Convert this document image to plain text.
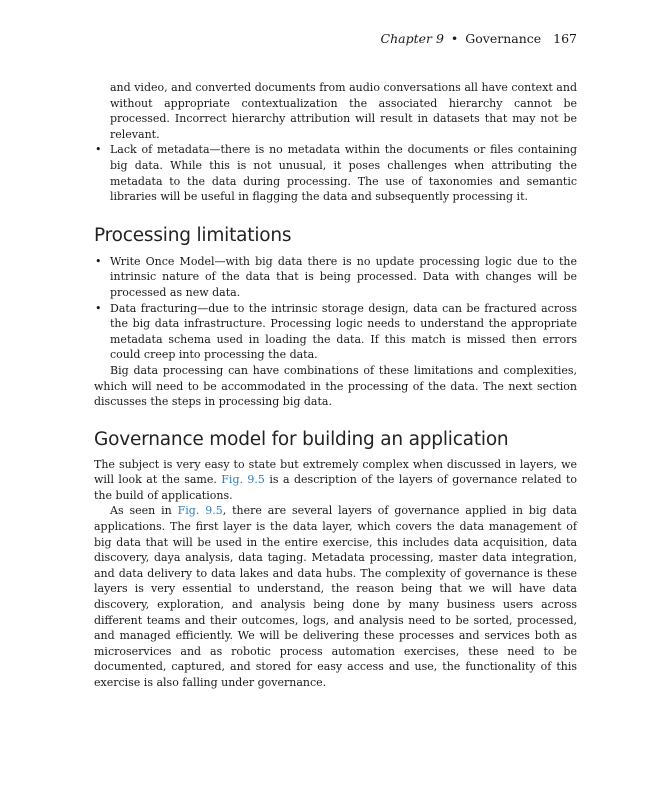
Chapter 9 • Governance 167

and video, and converted documents from audio conversations all have context and without appropriate contextualization the associated hierarchy cannot be processed. Incorrect hierarchy attribution will result in datasets that may not be relevant.

• Lack of metadata—there is no metadata within the documents or files containing big data. While this is not unusual, it poses challenges when attributing the metadata to the data during processing. The use of taxonomies and semantic libraries will be useful in flagging the data and subsequently processing it.
Processing limitations
• Write Once Model—with big data there is no update processing logic due to the intrinsic nature of the data that is being processed. Data with changes will be processed as new data.
• Data fracturing—due to the intrinsic storage design, data can be fractured across the big data infrastructure. Processing logic needs to understand the appropriate metadata schema used in loading the data. If this match is missed then errors could creep into processing the data.

Big data processing can have combinations of these limitations and complexities, which will need to be accommodated in the processing of the data. The next section discusses the steps in processing big data.

Governance model for building an application

The subject is very easy to state but extremely complex when discussed in layers, we will look at the same. Fig. 9.5 is a description of the layers of governance related to the build of applications.

As seen in Fig. 9.5, there are several layers of governance applied in big data applications. The first layer is the data layer, which covers the data management of big data that will be used in the entire exercise, this includes data acquisition, data discovery, daya analysis, data taging. Metadata processing, master data integration, and data delivery to data lakes and data hubs. The complexity of governance is these layers is very essential to understand, the reason being that we will have data discovery, exploration, and analysis being done by many business users across different teams and their outcomes, logs, and analysis need to be sorted, processed, and managed efficiently. We will be delivering these processes and services both as microservices and as robotic process automation exercises, these need to be documented, captured, and stored for easy access and use, the functionality of this exercise is also falling under governance.
